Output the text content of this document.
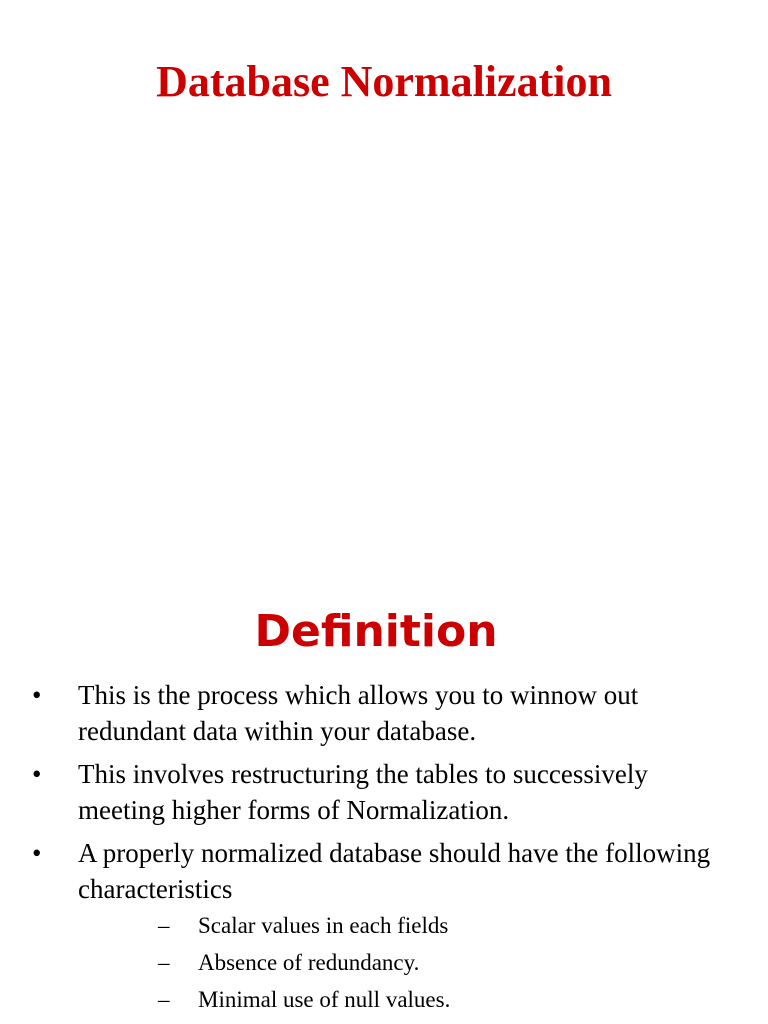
Database Normalization
Definition
• This is the process which allows you to winnow out redundant data within your database.
• This involves restructuring the tables to successively meeting higher forms of Normalization.
• A properly normalized database should have the following characteristics
– Scalar values in each fields
– Absence of redundancy.
– Minimal use of null values.
